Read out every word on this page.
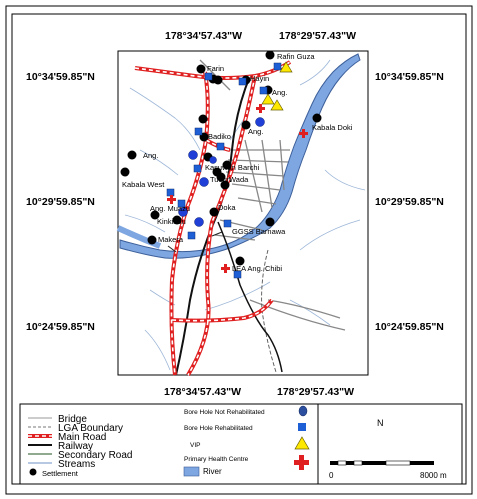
Farin
Rafin Guza
Hayin
Ang.
Ang.	Kabala Doki
Badiko
Ang.
Kasuwan Barchi
Tudun
Wada
Kabala West
Ang. Muazu	Doka
Kinkinau
GGSS Barnawa
Makera
LEA Ang. Chibi
178°34'57.43"W	178°29'57.43"W
178°34'57.43"W	178°29'57.43"W
10°34'59.85"N	10°34'59.85"N
10°29'59.85"N	10°29'59.85"N
10°24'59.85"N	10°24'59.85"N
Bridge
LGA Boundary
Main Road
Railway
Secondary Road
Streams
Settlement
Bore Hole Not Rehabilitated
Bore Hole Rehabilitated
VIP
Primary Health Centre
River
N
0	8000 m
